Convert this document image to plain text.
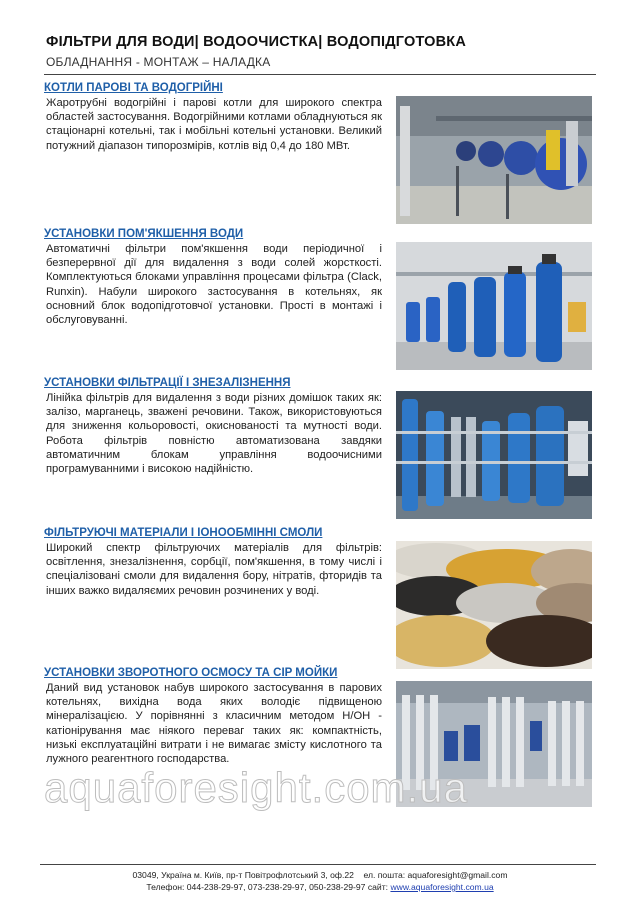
ФІЛЬТРИ ДЛЯ ВОДИ| ВОДООЧИСТКА| ВОДОПІДГОТОВКА
ОБЛАДНАННЯ - МОНТАЖ – НАЛАДКА
КОТЛИ ПАРОВІ ТА ВОДОГРІЙНІ
Жаротрубні водогрійні і парові котли для широкого спектра областей застосування. Водогрійними котлами обладнуються як стаціонарні котельні, так і мобільні котельні установки. Великий потужний діапазон типорозмірів, котлів від 0,4 до 180 МВт.
УСТАНОВКИ ПОМ'ЯКШЕННЯ ВОДИ
Автоматичні фільтри пом'якшення води періодичної і безперервної дії для видалення з води солей жорсткості. Комплектуються блоками управління процесами фільтра (Clack, Runxin). Набули широкого застосування в котельнях, як основний блок водопідготовчої установки. Прості в монтажі і обслуговуванні.
УСТАНОВКИ ФІЛЬТРАЦІЇ І ЗНЕЗАЛІЗНЕННЯ
Лінійка фільтрів для видалення з води різних домішок таких як: залізо, марганець, зважені речовини. Також, використовуються для зниження кольоровості, окиснованості та мутності води. Робота фільтрів повністю автоматизована завдяки автоматичним блокам управління водоочисними програмуванними і високою надійністю.
ФІЛЬТРУЮЧІ МАТЕРІАЛИ І ІОНООБМІННІ СМОЛИ
Широкий спектр фільтруючих матеріалів для фільтрів: освітлення, знезалізнення, сорбції, пом'якшення, в тому числі і спеціалізовані смоли для видалення бору, нітратів, фторидів та інших важко видаляємих речовин розчинених у воді.
УСТАНОВКИ ЗВОРОТНОГО ОСМОСУ ТА CIP МОЙКИ
Даний вид установок набув широкого застосування в парових котельнях, вихідна вода яких володіє підвищеною мінералізацією. У порівнянні з класичним методом Н/ОН - катіонірування має ніякого переваг таких як: компактність, низькі експлуатаційні витрати і не вимагає змісту кислотного та лужного реагентного господарства.
aquaforesight.com.ua
03049, Україна м. Київ, пр-т Повітрофлотський 3, оф.22 ел. пошта: aquaforesight@gmail.com
Телефон: 044-238-29-97, 073-238-29-97, 050-238-29-97 сайт: www.aquaforesight.com.ua
